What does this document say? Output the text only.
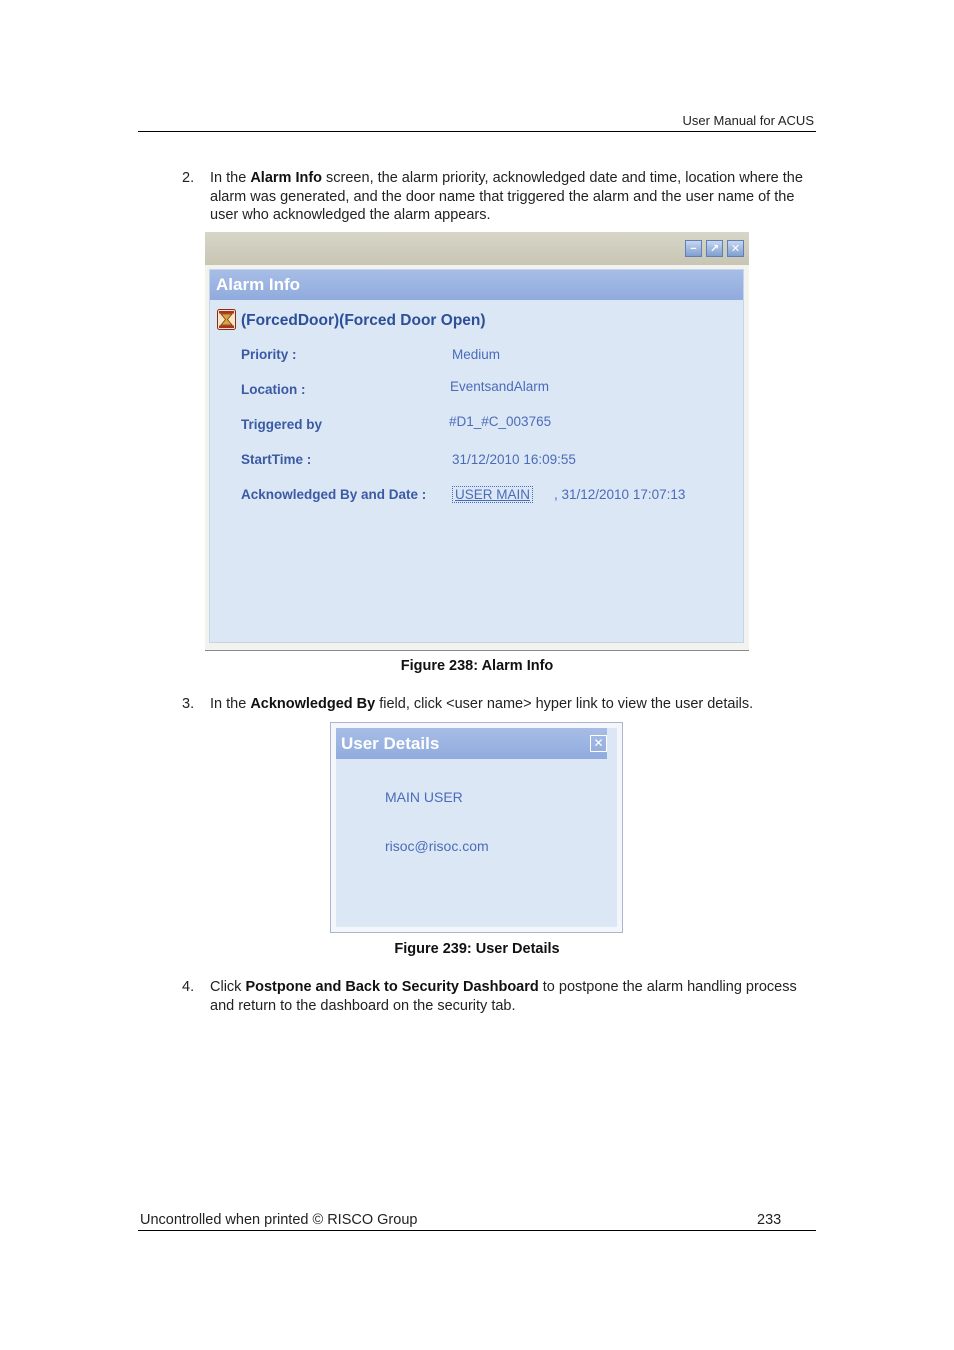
User Manual for ACUS
2.	In the Alarm Info screen, the alarm priority, acknowledged date and time, location where the alarm was generated, and the door name that triggered the alarm and the user name of the user who acknowledged the alarm appears.
−	↗	✕
Alarm Info
(ForcedDoor)(Forced Door Open)
Priority :	Medium
Location :	EventsandAlarm
Triggered by	#D1_#C_003765
StartTime :	31/12/2010 16:09:55
Acknowledged By and Date : USER MAIN , 31/12/2010 17:07:13
Figure 238: Alarm Info
3.	In the Acknowledged By field, click <user name> hyper link to view the user details.
User Details	✕
MAIN USER
risoc@risoc.com
Figure 239: User Details
4.	Click Postpone and Back to Security Dashboard to postpone the alarm handling process and return to the dashboard on the security tab.
Uncontrolled when printed © RISCO Group	233
